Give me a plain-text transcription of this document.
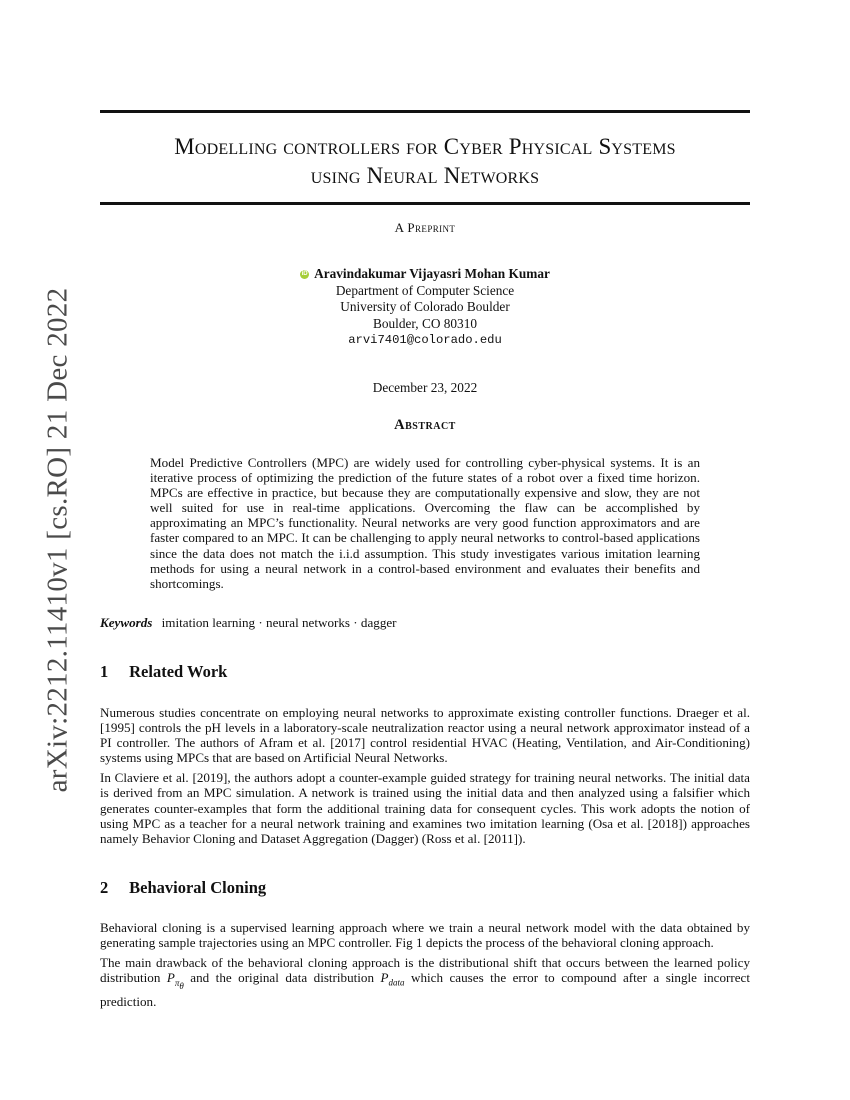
arXiv:2212.11410v1 [cs.RO] 21 Dec 2022
Modelling controllers for Cyber Physical Systems
using Neural Networks
A Preprint
iD Aravindakumar Vijayasri Mohan Kumar
Department of Computer Science
University of Colorado Boulder
Boulder, CO 80310
arvi7401@colorado.edu
December 23, 2022
Abstract
Model Predictive Controllers (MPC) are widely used for controlling cyber-physical systems. It is an iterative process of optimizing the prediction of the future states of a robot over a fixed time horizon. MPCs are effective in practice, but because they are computationally expensive and slow, they are not well suited for use in real-time applications. Overcoming the flaw can be accomplished by approximating an MPC’s functionality. Neural networks are very good function approximators and are faster compared to an MPC. It can be challenging to apply neural networks to control-based applications since the data does not match the i.i.d assumption. This study investigates various imitation learning methods for using a neural network in a control-based environment and evaluates their benefits and shortcomings.
Keywords imitation learning · neural networks · dagger
1 Related Work

Numerous studies concentrate on employing neural networks to approximate existing controller functions. Draeger et al. [1995] controls the pH levels in a laboratory-scale neutralization reactor using a neural network approximator instead of a PI controller. The authors of Afram et al. [2017] control residential HVAC (Heating, Ventilation, and Air-Conditioning) systems using MPCs that are based on Artificial Neural Networks.

In Claviere et al. [2019], the authors adopt a counter-example guided strategy for training neural networks. The initial data is derived from an MPC simulation. A network is trained using the initial data and then analyzed using a falsifier which generates counter-examples that form the additional training data for consequent cycles. This work adopts the notion of using MPC as a teacher for a neural network training and examines two imitation learning (Osa et al. [2018]) approaches namely Behavior Cloning and Dataset Aggregation (Dagger) (Ross et al. [2011]).

2 Behavioral Cloning

Behavioral cloning is a supervised learning approach where we train a neural network model with the data obtained by generating sample trajectories using an MPC controller. Fig 1 depicts the process of the behavioral cloning approach.

The main drawback of the behavioral cloning approach is the distributional shift that occurs between the learned policy distribution $P_{\pi_\theta}$ and the original data distribution $P_{data}$ which causes the error to compound after a single incorrect prediction.
